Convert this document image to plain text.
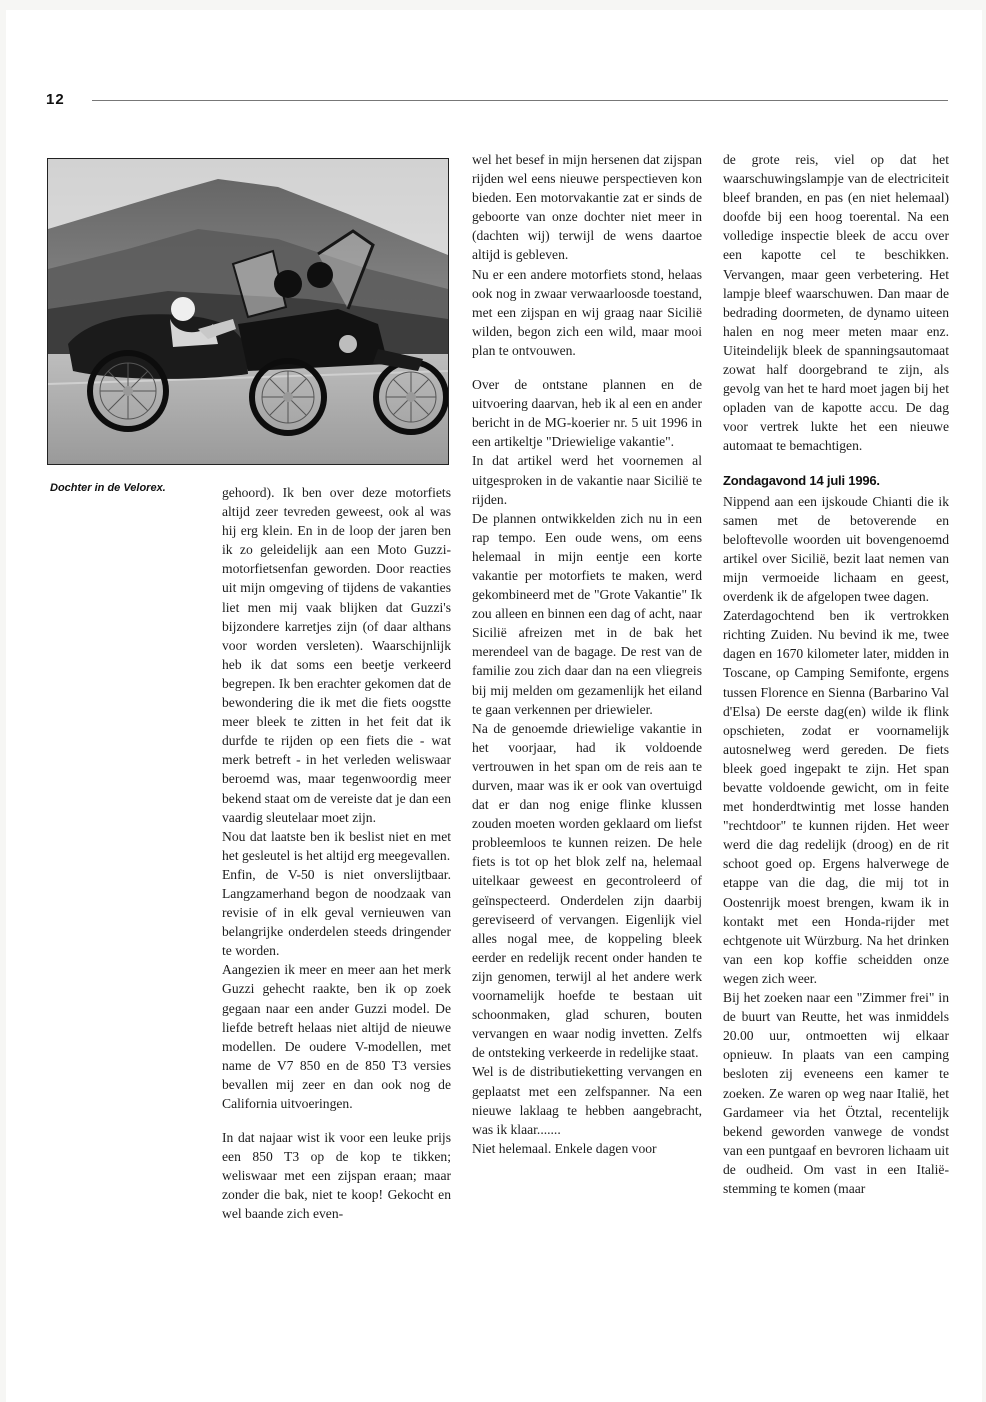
12
Dochter in de Velorex.	gehoord). Ik ben over deze motorfiets altijd zeer tevreden geweest, ook al was hij erg klein. En in de loop der jaren ben ik zo geleidelijk aan een Moto Guzzi-motorfietsenfan geworden. Door reacties uit mijn omgeving of tijdens de vakanties liet men mij vaak blijken dat Guzzi's bijzondere karretjes zijn (of daar althans voor worden versleten). Waarschijnlijk heb ik dat soms een beetje verkeerd begrepen. Ik ben erachter gekomen dat de bewondering die ik met die fiets oogstte meer bleek te zitten in het feit dat ik durfde te rijden op een fiets die - wat merk betreft - in het verleden weliswaar beroemd was, maar tegenwoordig meer bekend staat om de vereiste dat je dan een vaardig sleutelaar moet zijn.

Nou dat laatste ben ik beslist niet en met het gesleutel is het altijd erg meegevallen.

Enfin, de V-50 is niet onverslijtbaar. Langzamerhand begon de noodzaak van revisie of in elk geval vernieuwen van belangrijke onderdelen steeds dringender te worden.

Aangezien ik meer en meer aan het merk Guzzi gehecht raakte, ben ik op zoek gegaan naar een ander Guzzi model. De liefde betreft helaas niet altijd de nieuwe modellen. De oudere V-modellen, met name de V7 850 en de 850 T3 versies bevallen mij zeer en dan ook nog de California uitvoeringen.

In dat najaar wist ik voor een leuke prijs een 850 T3 op de kop te tikken; weliswaar met een zijspan eraan; maar zonder die bak, niet te koop! Gekocht en wel baande zich even-

wel het besef in mijn hersenen dat zijspan rijden wel eens nieuwe perspectieven kon bieden. Een motorvakantie zat er sinds de geboorte van onze dochter niet meer in (dachten wij) terwijl de wens daartoe altijd is gebleven.

Nu er een andere motorfiets stond, helaas ook nog in zwaar verwaarloosde toestand, met een zijspan en wij graag naar Sicilië wilden, begon zich een wild, maar mooi plan te ontvouwen.

Over de ontstane plannen en de uitvoering daarvan, heb ik al een en ander bericht in de MG-koerier nr. 5 uit 1996 in een artikeltje "Driewielige vakantie".

In dat artikel werd het voornemen al uitgesproken in de vakantie naar Sicilië te rijden.

De plannen ontwikkelden zich nu in een rap tempo. Een oude wens, om eens helemaal in mijn eentje een korte vakantie per motorfiets te maken, werd gekombineerd met de "Grote Vakantie" Ik zou alleen en binnen een dag of acht, naar Sicilië afreizen met in de bak het merendeel van de bagage. De rest van de familie zou zich daar dan na een vliegreis bij mij melden om gezamenlijk het eiland te gaan verkennen per driewieler.

Na de genoemde driewielige vakantie in het voorjaar, had ik voldoende vertrouwen in het span om de reis aan te durven, maar was ik er ook van overtuigd dat er dan nog enige flinke klussen zouden moeten worden geklaard om liefst probleemloos te kunnen reizen. De hele fiets is tot op het blok zelf na, helemaal uitelkaar geweest en gecontroleerd of geïnspecteerd. Onderdelen zijn daarbij gereviseerd of vervangen. Eigenlijk viel alles nogal mee, de koppeling bleek eerder en redelijk recent onder handen te zijn genomen, terwijl al het andere werk voornamelijk hoefde te bestaan uit schoonmaken, glad schuren, bouten vervangen en waar nodig invetten. Zelfs de ontsteking verkeerde in redelijke staat.

Wel is de distributieketting vervangen en geplaatst met een zelfspanner. Na een nieuwe laklaag te hebben aangebracht, was ik klaar.......

Niet helemaal. Enkele dagen voor

de grote reis, viel op dat het waarschuwingslampje van de electriciteit bleef branden, en pas (en niet helemaal) doofde bij een hoog toerental. Na een volledige inspectie bleek de accu over een kapotte cel te beschikken. Vervangen, maar geen verbetering. Het lampje bleef waarschuwen. Dan maar de bedrading doormeten, de dynamo uiteen halen en nog meer meten maar enz. Uiteindelijk bleek de spanningsautomaat zowat half doorgebrand te zijn, als gevolg van het te hard moet jagen bij het opladen van de kapotte accu. De dag voor vertrek lukte het een nieuwe automaat te bemachtigen.

Zondagavond 14 juli 1996.

Nippend aan een ijskoude Chianti die ik samen met de betoverende en beloftevolle woorden uit bovengenoemd artikel over Sicilië, bezit laat nemen van mijn vermoeide lichaam en geest, overdenk ik de afgelopen twee dagen.

Zaterdagochtend ben ik vertrokken richting Zuiden. Nu bevind ik me, twee dagen en 1670 kilometer later, midden in Toscane, op Camping Semifonte, ergens tussen Florence en Sienna (Barbarino Val d'Elsa) De eerste dag(en) wilde ik flink opschieten, zodat er voornamelijk autosnelweg werd gereden. De fiets bleek goed ingepakt te zijn. Het span bevatte voldoende gewicht, om in feite met honderdtwintig met losse handen "rechtdoor" te kunnen rijden. Het weer werd die dag redelijk (droog) en de rit schoot goed op. Ergens halverwege de etappe van die dag, die mij tot in Oostenrijk moest brengen, kwam ik in kontakt met een Honda-rijder met echtgenote uit Würzburg. Na het drinken van een kop koffie scheidden onze wegen zich weer.

Bij het zoeken naar een "Zimmer frei" in de buurt van Reutte, het was inmiddels 20.00 uur, ontmoetten wij elkaar opnieuw. In plaats van een camping besloten zij eveneens een kamer te zoeken. Ze waren op weg naar Italië, het Gardameer via het Ötztal, recentelijk bekend geworden vanwege de vondst van een puntgaaf en bevroren lichaam uit de oudheid. Om vast in een Italië-stemming te komen (maar
